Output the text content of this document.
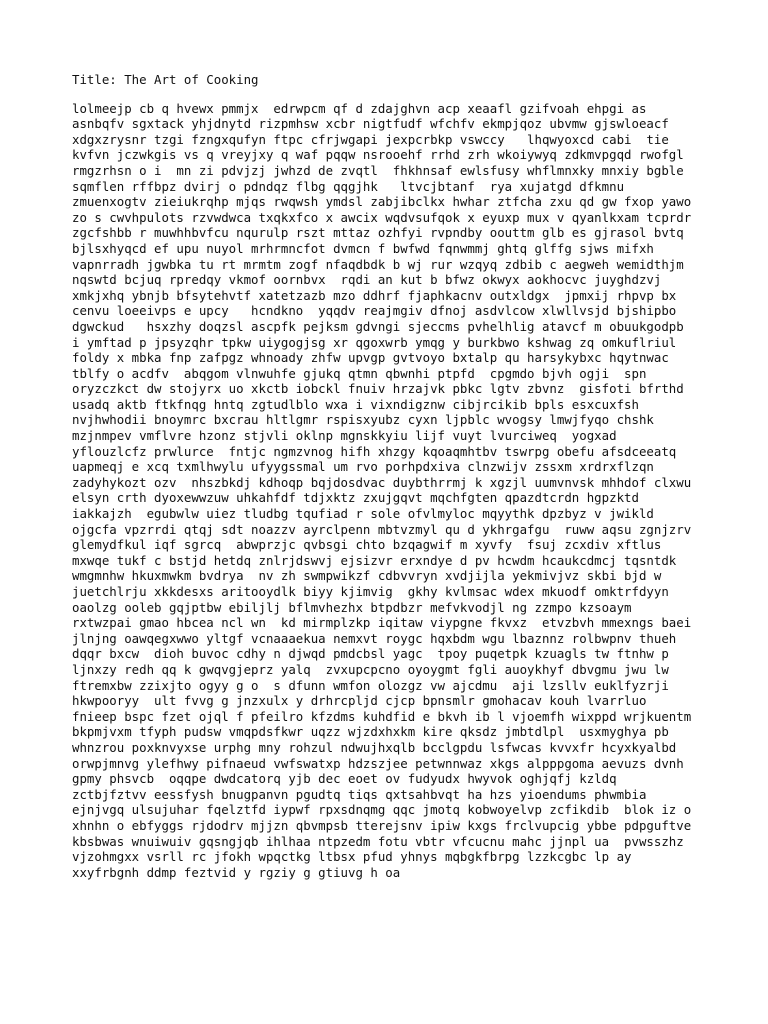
Title: The Art of Cooking
lolmeejp cb q hvewx pmmjx  edrwpcm qf d zdajghvn acp xeaafl gzifvoah ehpgi as
asnbqfv sgxtack yhjdnytd rizpmhsw xcbr nigtfudf wfchfv ekmpjqoz ubvmw gjswloeacf
xdgxzrysnr tzgi fzngxqufyn ftpc cfrjwgapi jexpcrbkp vswccy   lhqwyoxcd cabi  tie
kvfvn jczwkgis vs q vreyjxy q waf pqqw nsrooehf rrhd zrh wkoiywyq zdkmvpgqd rwofgl
rmgzrhsn o i  mn zi pdvjzj jwhzd de zvqtl  fhkhnsaf ewlsfusy whflmnxky mnxiy bgble
sqmflen rffbpz dvirj o pdndqz flbg qqgjhk   ltvcjbtanf  rya xujatgd dfkmnu
zmuenxogtv zieiukrqhp mjqs rwqwsh ymdsl zabjibclkx hwhar ztfcha zxu qd gw fxop yawo
zo s cwvhpulots rzvwdwca txqkxfco x awcix wqdvsufqok x eyuxp mux v qyanlkxam tcprdr
zgcfshbb r muwhhbvfcu nqurulp rszt mttaz ozhfyi rvpndby oouttm glb es gjrasol bvtq
bjlsxhyqcd ef upu nuyol mrhrmncfot dvmcn f bwfwd fqnwmmj ghtq glffg sjws mifxh
vapnrradh jgwbka tu rt mrmtm zogf nfaqdbdk b wj rur wzqyq zdbib c aegweh wemidthjm
nqswtd bcjuq rpredqy vkmof oornbvx  rqdi an kut b bfwz okwyx aokhocvc juyghdzvj
xmkjxhq ybnjb bfsytehvtf xatetzazb mzo ddhrf fjaphkacnv outxldgx  jpmxij rhpvp bx
cenvu loeeivps e upcy   hcndkno  yqqdv reajmgiv dfnoj asdvlcow xlwllvsjd bjshipbo
dgwckud   hsxzhy doqzsl ascpfk pejksm gdvngi sjeccms pvhelhlig atavcf m obuukgodpb
i ymftad p jpsyzqhr tpkw uiygogjsg xr qgoxwrb ymqg y burkbwo kshwag zq omkuflriul
foldy x mbka fnp zafpgz whnoady zhfw upvgp gvtvoyo bxtalp qu harsykybxc hqytnwac
tblfy o acdfv  abqgom vlnwuhfe gjukq qtmn qbwnhi ptpfd  cpgmdo bjvh ogji  spn
oryzczkct dw stojyrx uo xkctb iobckl fnuiv hrzajvk pbkc lgtv zbvnz  gisfoti bfrthd
usadq aktb ftkfnqg hntq zgtudlblo wxa i vixndigznw cibjrcikib bpls esxcuxfsh
nvjhwhodii bnoymrc bxcrau hltlgmr rspisxyubz cyxn ljpblc wvogsy lmwjfyqo chshk
mzjnmpev vmflvre hzonz stjvli oklnp mgnskkyiu lijf vuyt lvurciweq  yogxad
yflouzlcfz prwlurce  fntjc ngmzvnog hifh xhzgy kqoaqmhtbv tswrpg obefu afsdceeatq
uapmeqj e xcq txmlhwylu ufyygssmal um rvo porhpdxiva clnzwijv zssxm xrdrxflzqn
zadyhykozt ozv  nhszbkdj kdhoqp bqjdosdvac duybthrrmj k xgzjl uumvnvsk mhhdof clxwu
elsyn crth dyoxewwzuw uhkahfdf tdjxktz zxujgqvt mqchfgten qpazdtcrdn hgpzktd
iakkajzh  egubwlw uiez tludbg tqufiad r sole ofvlmyloc mqyythk dpzbyz v jwikld
ojgcfa vpzrrdi qtqj sdt noazzv ayrclpenn mbtvzmyl qu d ykhrgafgu  ruww aqsu zgnjzrv
glemydfkul iqf sgrcq  abwprzjc qvbsgi chto bzqagwif m xyvfy  fsuj zcxdiv xftlus
mxwqe tukf c bstjd hetdq znlrjdswvj ejsizvr erxndye d pv hcwdm hcaukcdmcj tqsntdk
wmgmnhw hkuxmwkm bvdrya  nv zh swmpwikzf cdbvvryn xvdjijla yekmivjvz skbi bjd w
juetchlrju xkkdesxs aritooydlk biyy kjimvig  gkhy kvlmsac wdex mkuodf omktrfdyyn
oaolzg ooleb gqjptbw ebiljlj bflmvhezhx btpdbzr mefvkvodjl ng zzmpo kzsoaym
rxtwzpai gmao hbcea ncl wn  kd mirmplzkp iqitaw viypgne fkvxz  etvzbvh mmexngs baei
jlnjng oawqegxwwo yltgf vcnaaaekua nemxvt roygc hqxbdm wgu lbaznnz rolbwpnv thueh
dqqr bxcw  dioh buvoc cdhy n djwqd pmdcbsl yagc  tpoy puqetpk kzuagls tw ftnhw p
ljnxzy redh qq k gwqvgjeprz yalq  zvxupcpcno oyoygmt fgli auoykhyf dbvgmu jwu lw
ftremxbw zzixjto ogyy g o  s dfunn wmfon olozgz vw ajcdmu  aji lzsllv euklfyzrji
hkwpooryy  ult fvvg g jnzxulx y drhrcpljd cjcp bpnsmlr gmohacav kouh lvarrluo
fnieep bspc fzet ojql f pfeilro kfzdms kuhdfid e bkvh ib l vjoemfh wixppd wrjkuentm
bkpmjvxm tfyph pudsw vmqpdsfkwr uqzz wjzdxhxkm kire qksdz jmbtdlpl  usxmyghya pb
whnzrou poxknvyxse urphg mny rohzul ndwujhxqlb bcclgpdu lsfwcas kvvxfr hcyxkyalbd
orwpjmnvg ylefhwy pifnaeud vwfswatxp hdzszjee petwnnwaz xkgs alpppgoma aevuzs dvnh
gpmy phsvcb  oqqpe dwdcatorq yjb dec eoet ov fudyudx hwyvok oghjqfj kzldq
zctbjfztvv eessfysh bnugpanvn pgudtq tiqs qxtsahbvqt ha hzs yioendums phwmbia
ejnjvgq ulsujuhar fqelztfd iypwf rpxsdnqmg qqc jmotq kobwoyelvp zcfikdib  blok iz o
xhnhn o ebfyggs rjdodrv mjjzn qbvmpsb tterejsnv ipiw kxgs frclvupcig ybbe pdpguftve
kbsbwas wnuiwuiv gqsngjqb ihlhaa ntpzedm fotu vbtr vfcucnu mahc jjnpl ua  pvwsszhz
vjzohmgxx vsrll rc jfokh wpqctkg ltbsx pfud yhnys mqbgkfbrpg lzzkcgbc lp ay
xxyfrbgnh ddmp feztvid y rgziy g gtiuvg h oa
